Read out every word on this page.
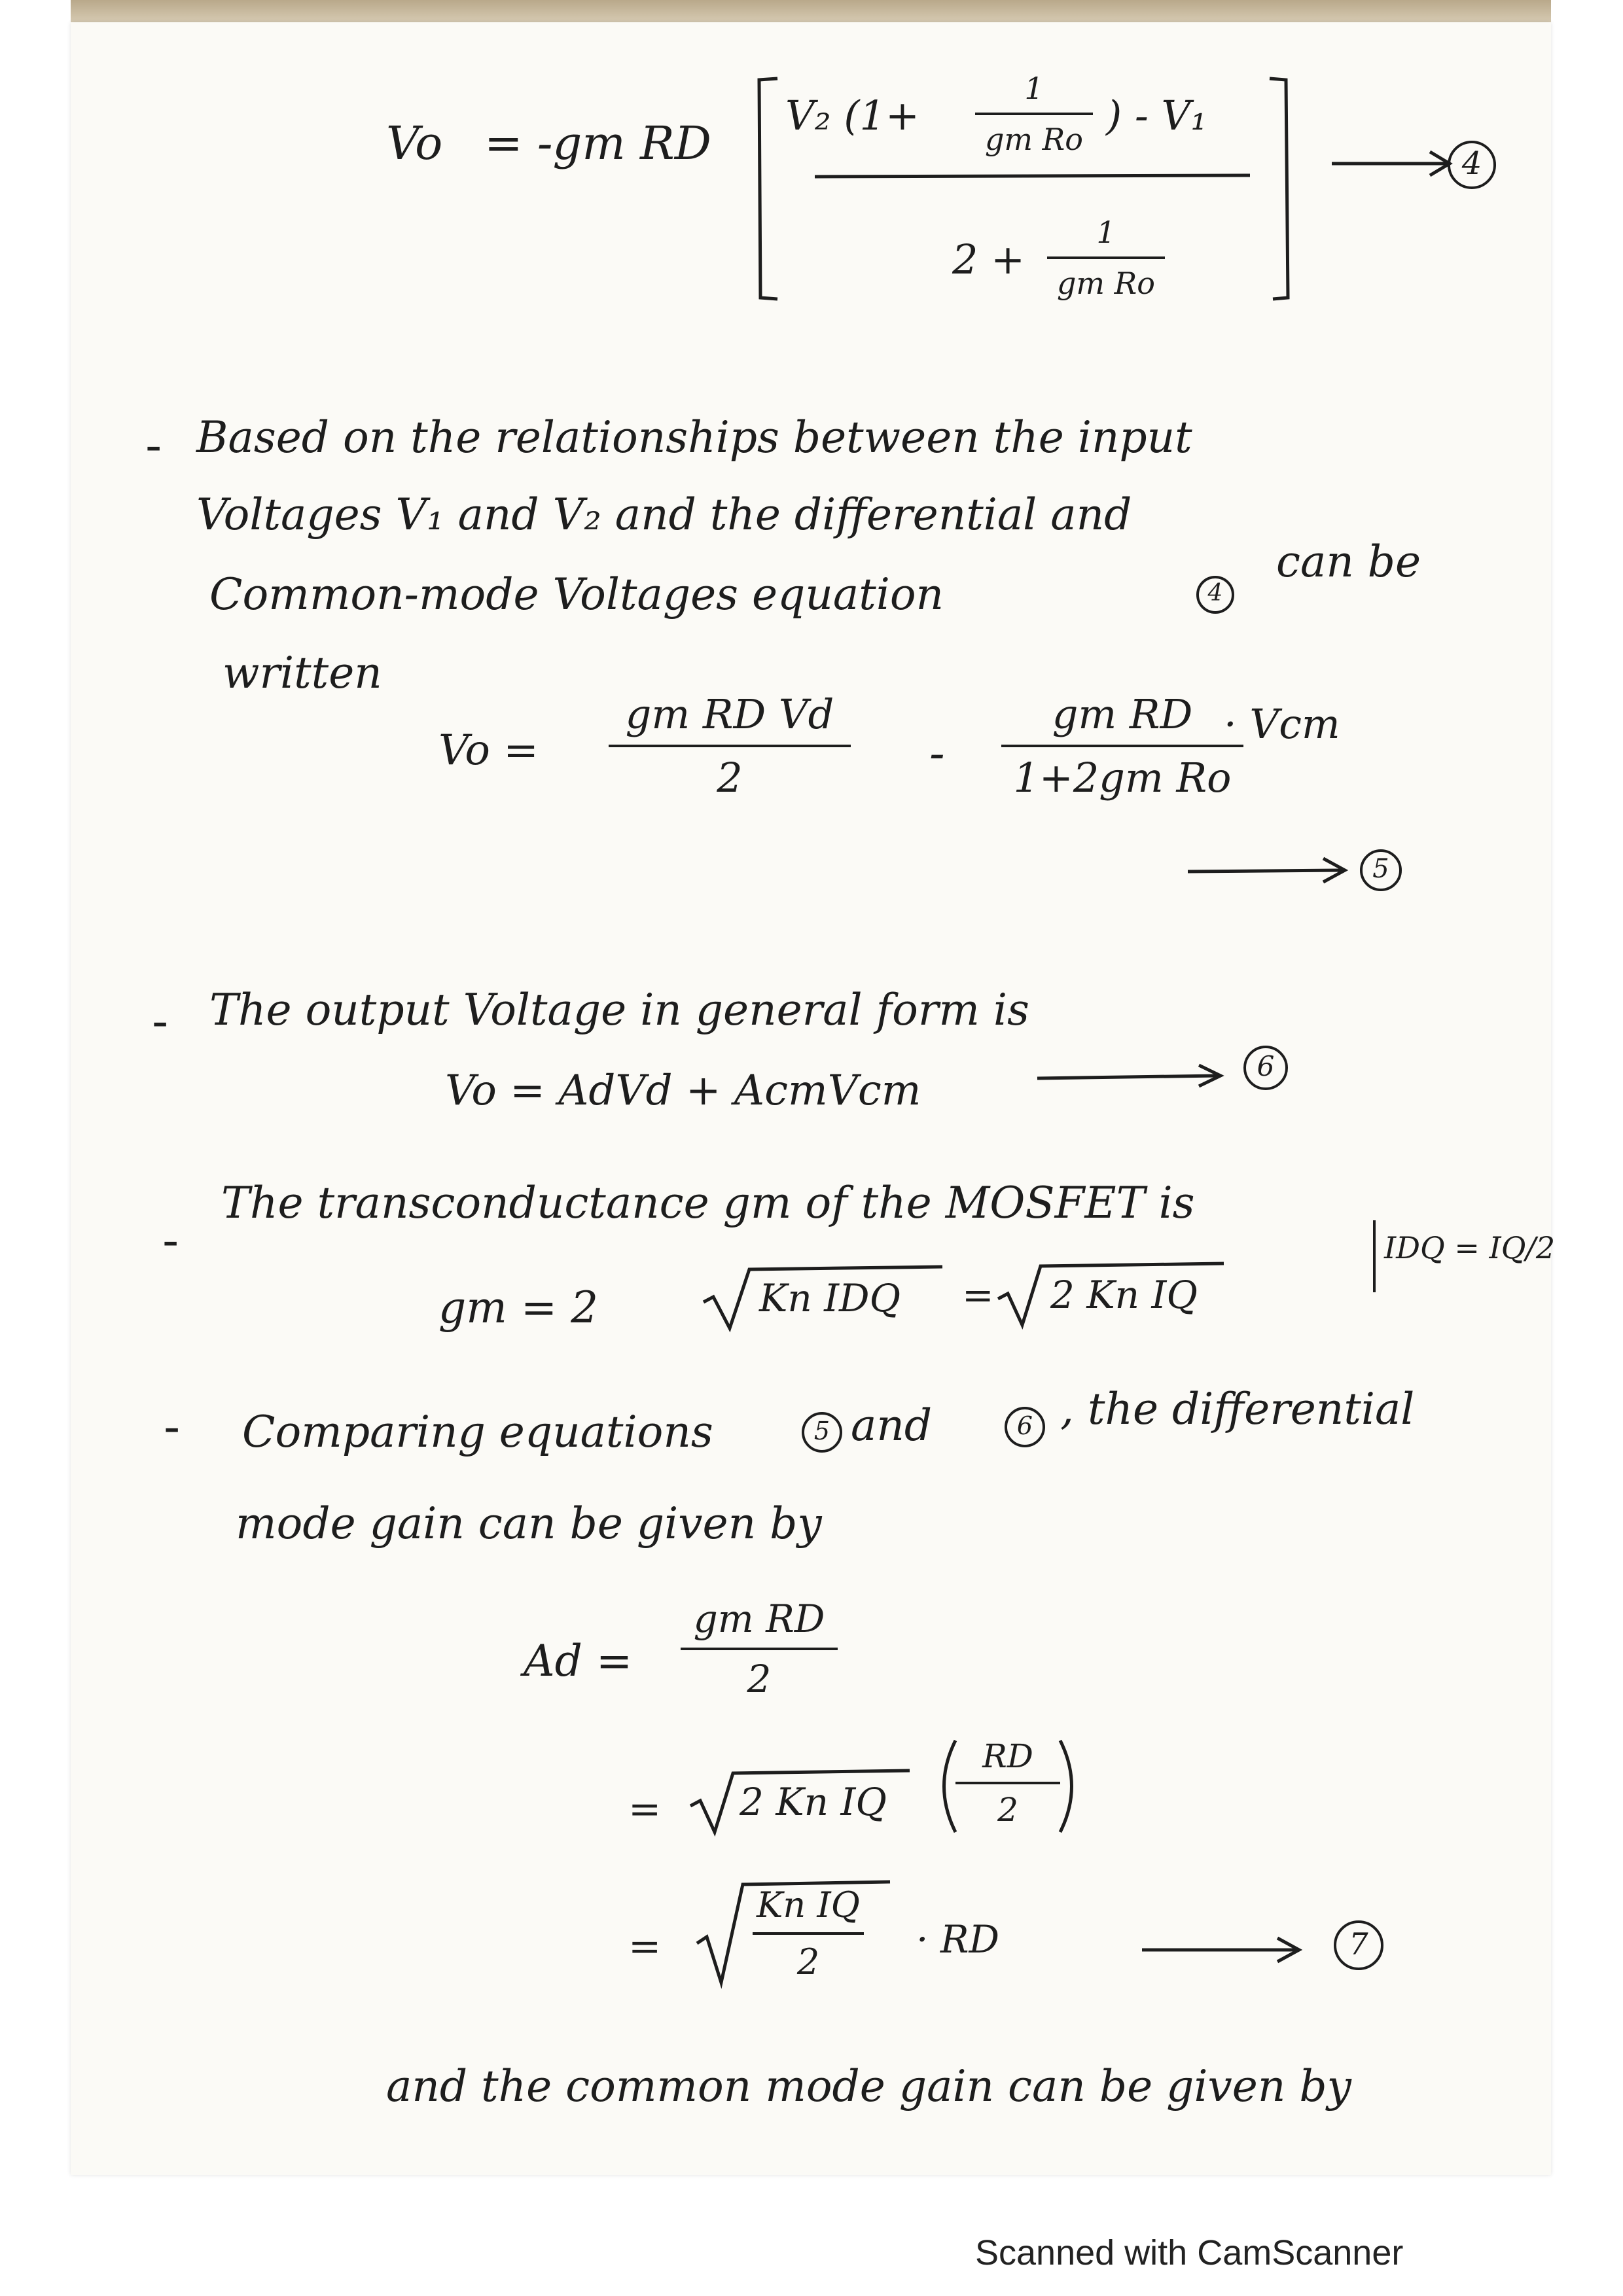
Vo = -gm RD
V₂ (1+
1
gm Ro ) - V₁
2 +
1
gm Ro
4
- Based on the relationships between the input
Voltages V₁ and V₂ and the differential and
Common-mode Voltages equation	4
can be
written
Vo =
gm RD Vd
2	-
gm RD
1+2gm Ro
· Vcm
5
- The output Voltage in general form is
6
Vo = AdVd + AcmVcm
-
The transconductance gm of the MOSFET is
gm = 2	Kn IDQ = 2 Kn IQ
IDQ = IQ/2
- Comparing equations	5 and	6 , the differential
mode gain can be given by
Ad =
gm RD
2
= 2 Kn IQ
RD
2
=
Kn IQ
2
· RD	7
and the common mode gain can be given by
Scanned with CamScanner
